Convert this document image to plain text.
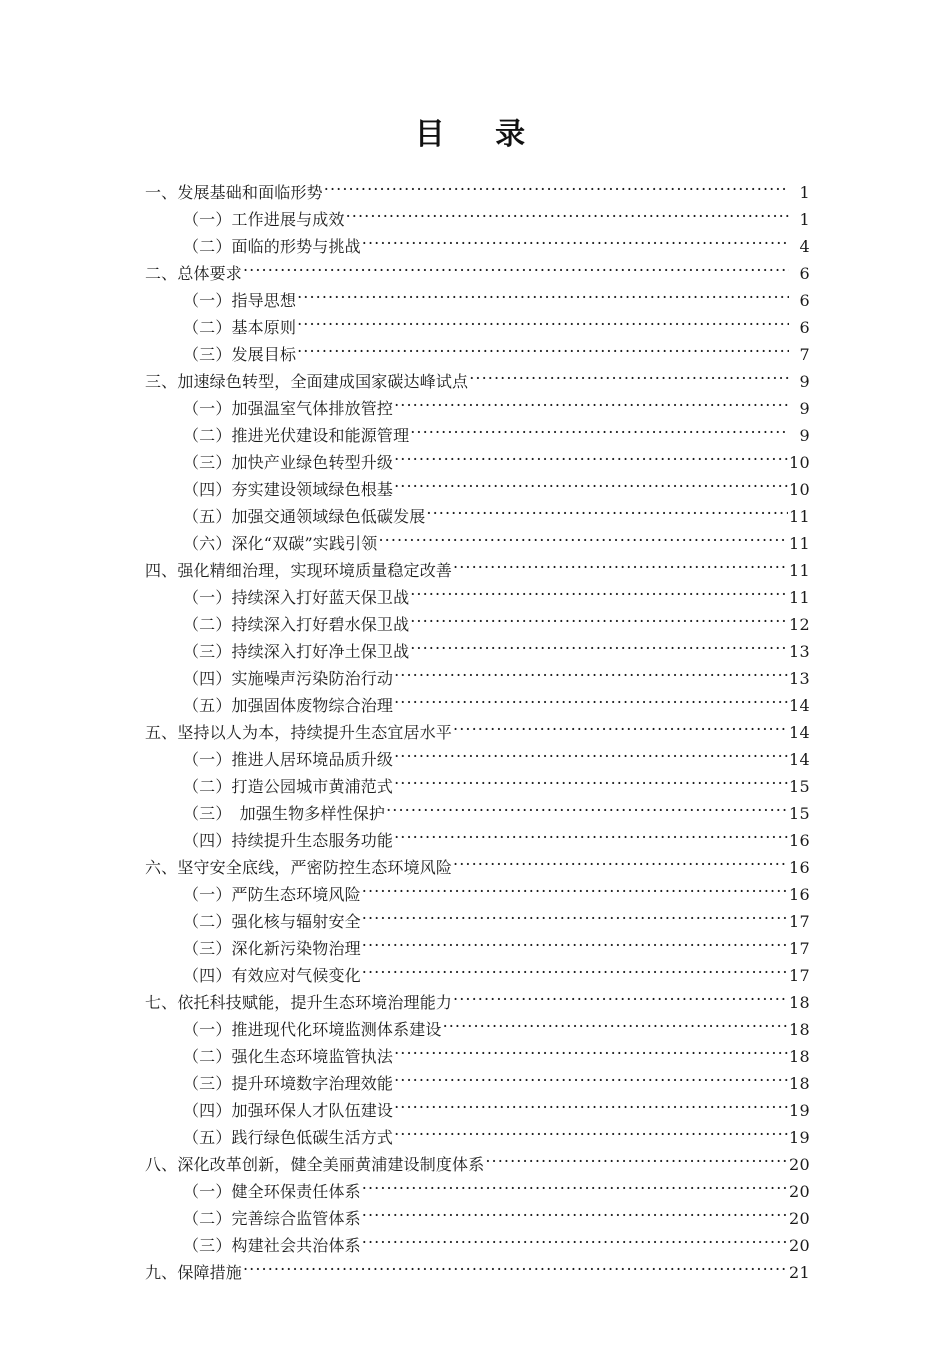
目　录
一、发展基础和面临形势 .....	1
（一）工作进展与成效 .....	1
（二）面临的形势与挑战 .....	4
二、总体要求 .....	6
（一）指导思想 .....	6
（二）基本原则 .....	6
（三）发展目标 .....	7
三、加速绿色转型，全面建成国家碳达峰试点 .....	9
（一）加强温室气体排放管控 .....	9
（二）推进光伏建设和能源管理 .....	9
（三）加快产业绿色转型升级 .....	10
（四）夯实建设领域绿色根基 .....	10
（五）加强交通领域绿色低碳发展 .....	11
（六）深化“双碳”实践引领 .....	11
四、强化精细治理，实现环境质量稳定改善 .....	11
（一）持续深入打好蓝天保卫战 .....	11
（二）持续深入打好碧水保卫战 .....	12
（三）持续深入打好净土保卫战 .....	13
（四）实施噪声污染防治行动 .....	13
（五）加强固体废物综合治理 .....	14
五、坚持以人为本，持续提升生态宜居水平 .....	14
（一）推进人居环境品质升级 .....	14
（二）打造公园城市黄浦范式 .....	15
（三）　加强生物多样性保护 .....	15
（四）持续提升生态服务功能 .....	16
六、坚守安全底线，严密防控生态环境风险 .....	16
（一）严防生态环境风险 .....	16
（二）强化核与辐射安全 .....	17
（三）深化新污染物治理 .....	17
（四）有效应对气候变化 .....	17
七、依托科技赋能，提升生态环境治理能力 .....	18
（一）推进现代化环境监测体系建设 .....	18
（二）强化生态环境监管执法 .....	18
（三）提升环境数字治理效能 .....	18
（四）加强环保人才队伍建设 .....	19
（五）践行绿色低碳生活方式 .....	19
八、深化改革创新，健全美丽黄浦建设制度体系 .....	20
（一）健全环保责任体系 .....	20
（二）完善综合监管体系 .....	20
（三）构建社会共治体系 .....	20
九、保障措施 .....	21
